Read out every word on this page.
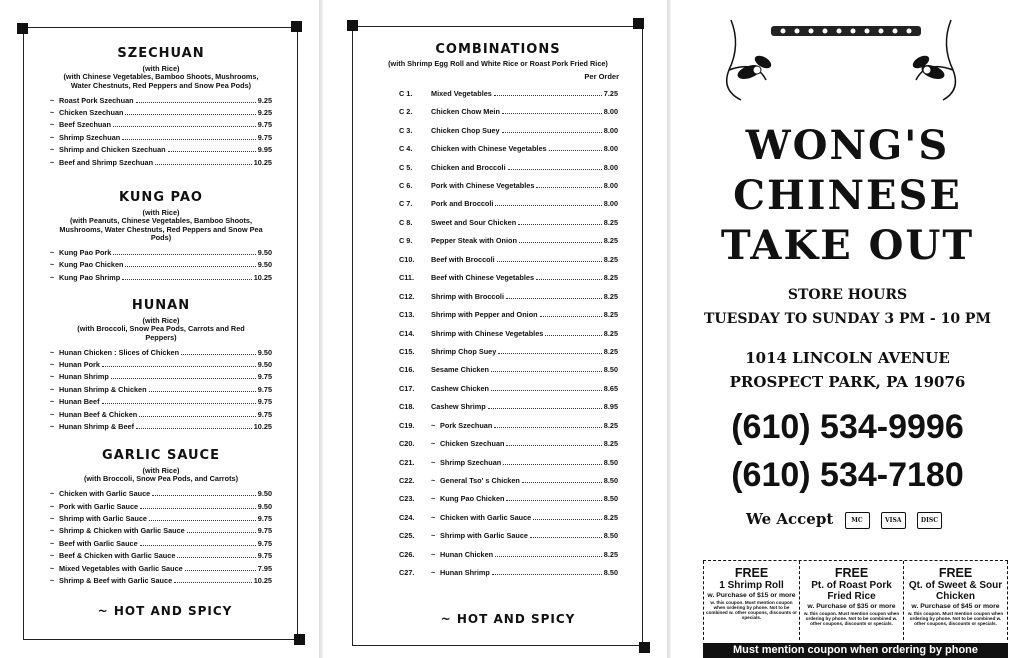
SZECHUAN
(with Rice)
(with Chinese Vegetables, Bamboo Shoots, Mushrooms, Water Chestnuts, Red Peppers and Snow Pea Pods)
~ Roast Pork Szechuan	9.25
~ Chicken Szechuan	9.25
~ Beef Szechuan	9.75
~ Shrimp Szechuan	9.75
~ Shrimp and Chicken Szechuan	9.95
~ Beef and Shrimp Szechuan	10.25
KUNG PAO
(with Rice)
(with Peanuts, Chinese Vegetables, Bamboo Shoots, Mushrooms, Water Chestnuts, Red Peppers and Snow Pea Pods)
~ Kung Pao Pork	9.50
~ Kung Pao Chicken	9.50
~ Kung Pao Shrimp	10.25
HUNAN
(with Rice)
(with Broccoli, Snow Pea Pods, Carrots and Red Peppers)
~ Hunan Chicken : Slices of Chicken	9.50
~ Hunan Pork	9.50
~ Hunan Shrimp	9.75
~ Hunan Shrimp & Chicken	9.75
~ Hunan Beef	9.75
~ Hunan Beef & Chicken	9.75
~ Hunan Shrimp & Beef	10.25
GARLIC SAUCE
(with Rice)
(with Broccoli, Snow Pea Pods, and Carrots)
~ Chicken with Garlic Sauce	9.50
~ Pork with Garlic Sauce	9.50
~ Shrimp with Garlic Sauce	9.75
~ Shrimp & Chicken with Garlic Sauce	9.75
~ Beef with Garlic Sauce	9.75
~ Beef & Chicken with Garlic Sauce	9.75
~ Mixed Vegetables with Garlic Sauce	7.95
~ Shrimp & Beef with Garlic Sauce	10.25
~ HOT AND SPICY
COMBINATIONS
(with Shrimp Egg Roll and White Rice or Roast Pork Fried Rice)
Per Order
C 1.	Mixed Vegetables	7.25
C 2.	Chicken Chow Mein	8.00
C 3.	Chicken Chop Suey	8.00
C 4.	Chicken with Chinese Vegetables	8.00
C 5.	Chicken and Broccoli	8.00
C 6.	Pork with Chinese Vegetables	8.00
C 7.	Pork and Broccoli	8.00
C 8.	Sweet and Sour Chicken	8.25
C 9.	Pepper Steak with Onion	8.25
C10.	Beef with Broccoli	8.25
C11.	Beef with Chinese Vegetables	8.25
C12.	Shrimp with Broccoli	8.25
C13.	Shrimp with Pepper and Onion	8.25
C14.	Shrimp with Chinese Vegetables	8.25
C15.	Shrimp Chop Suey	8.25
C16.	Sesame Chicken	8.50
C17.	Cashew Chicken	8.65
C18.	Cashew Shrimp	8.95
C19.	~ Pork Szechuan	8.25
C20.	~ Chicken Szechuan	8.25
C21.	~ Shrimp Szechuan	8.50
C22.	~ General Tso' s Chicken	8.50
C23.	~ Kung Pao Chicken	8.50
C24.	~ Chicken with Garlic Sauce	8.25
C25.	~ Shrimp with Garlic Sauce	8.50
C26.	~ Hunan Chicken	8.25
C27.	~ Hunan Shrimp	8.50
~ HOT AND SPICY
WONG'S
CHINESE
TAKE OUT
STORE HOURS
TUESDAY TO SUNDAY 3 PM - 10 PM
1014 LINCOLN AVENUE
PROSPECT PARK, PA 19076
(610) 534-9996
(610) 534-7180
We Accept	MC	VISA	DISC
FREE
1 Shrimp Roll
w. Purchase of $15 or more
w. this coupon. Must mention coupon when ordering by phone. Not to be combined w. other coupons, discounts or specials.
FREE
Pt. of Roast Pork Fried Rice
w. Purchase of $35 or more
w. this coupon. Must mention coupon when ordering by phone. Not to be combined w. other coupons, discounts or specials.
FREE
Qt. of Sweet & Sour Chicken
w. Purchase of $45 or more
w. this coupon. Must mention coupon when ordering by phone. Not to be combined w. other coupons, discounts or specials.
Must mention coupon when ordering by phone
